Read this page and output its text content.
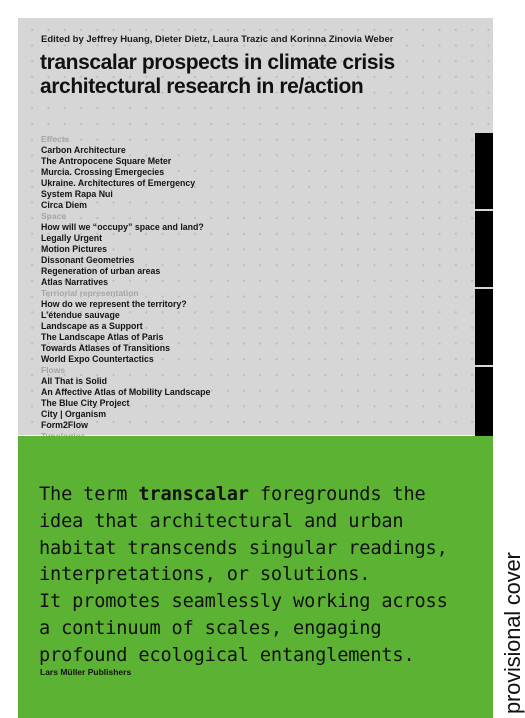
Edited by Jeffrey Huang, Dieter Dietz, Laura Trazic and Korinna Zinovia Weber
transcalar prospects in climate crisis
architectural research in re/action
Effects
Carbon Architecture
The Antropocene Square Meter
Murcia. Crossing Emergecies
Ukraine. Architectures of Emergency
System Rapa Nui
Circa Diem
Space
How will we “occupy” space and land?
Legally Urgent
Motion Pictures
Dissonant Geometries
Regeneration of urban areas
Atlas Narratives
Terriorial representation
How do we represent the territory?
L’étendue sauvage
Landscape as a Support
The Landscape Atlas of Paris
Towards Atlases of Transitions
World Expo Countertactics
Flows
All That is Solid
An Affective Atlas of Mobility Landscape
The Blue City Project
City | Organism
Form2Flow

The term transcalar foregrounds the
idea that architectural and urban
habitat transcends singular readings,
interpretations, or solutions.
It promotes seamlessly working across
a continuum of scales, engaging
profound ecological entanglements.

Lars Müller Publishers	provisional cover
